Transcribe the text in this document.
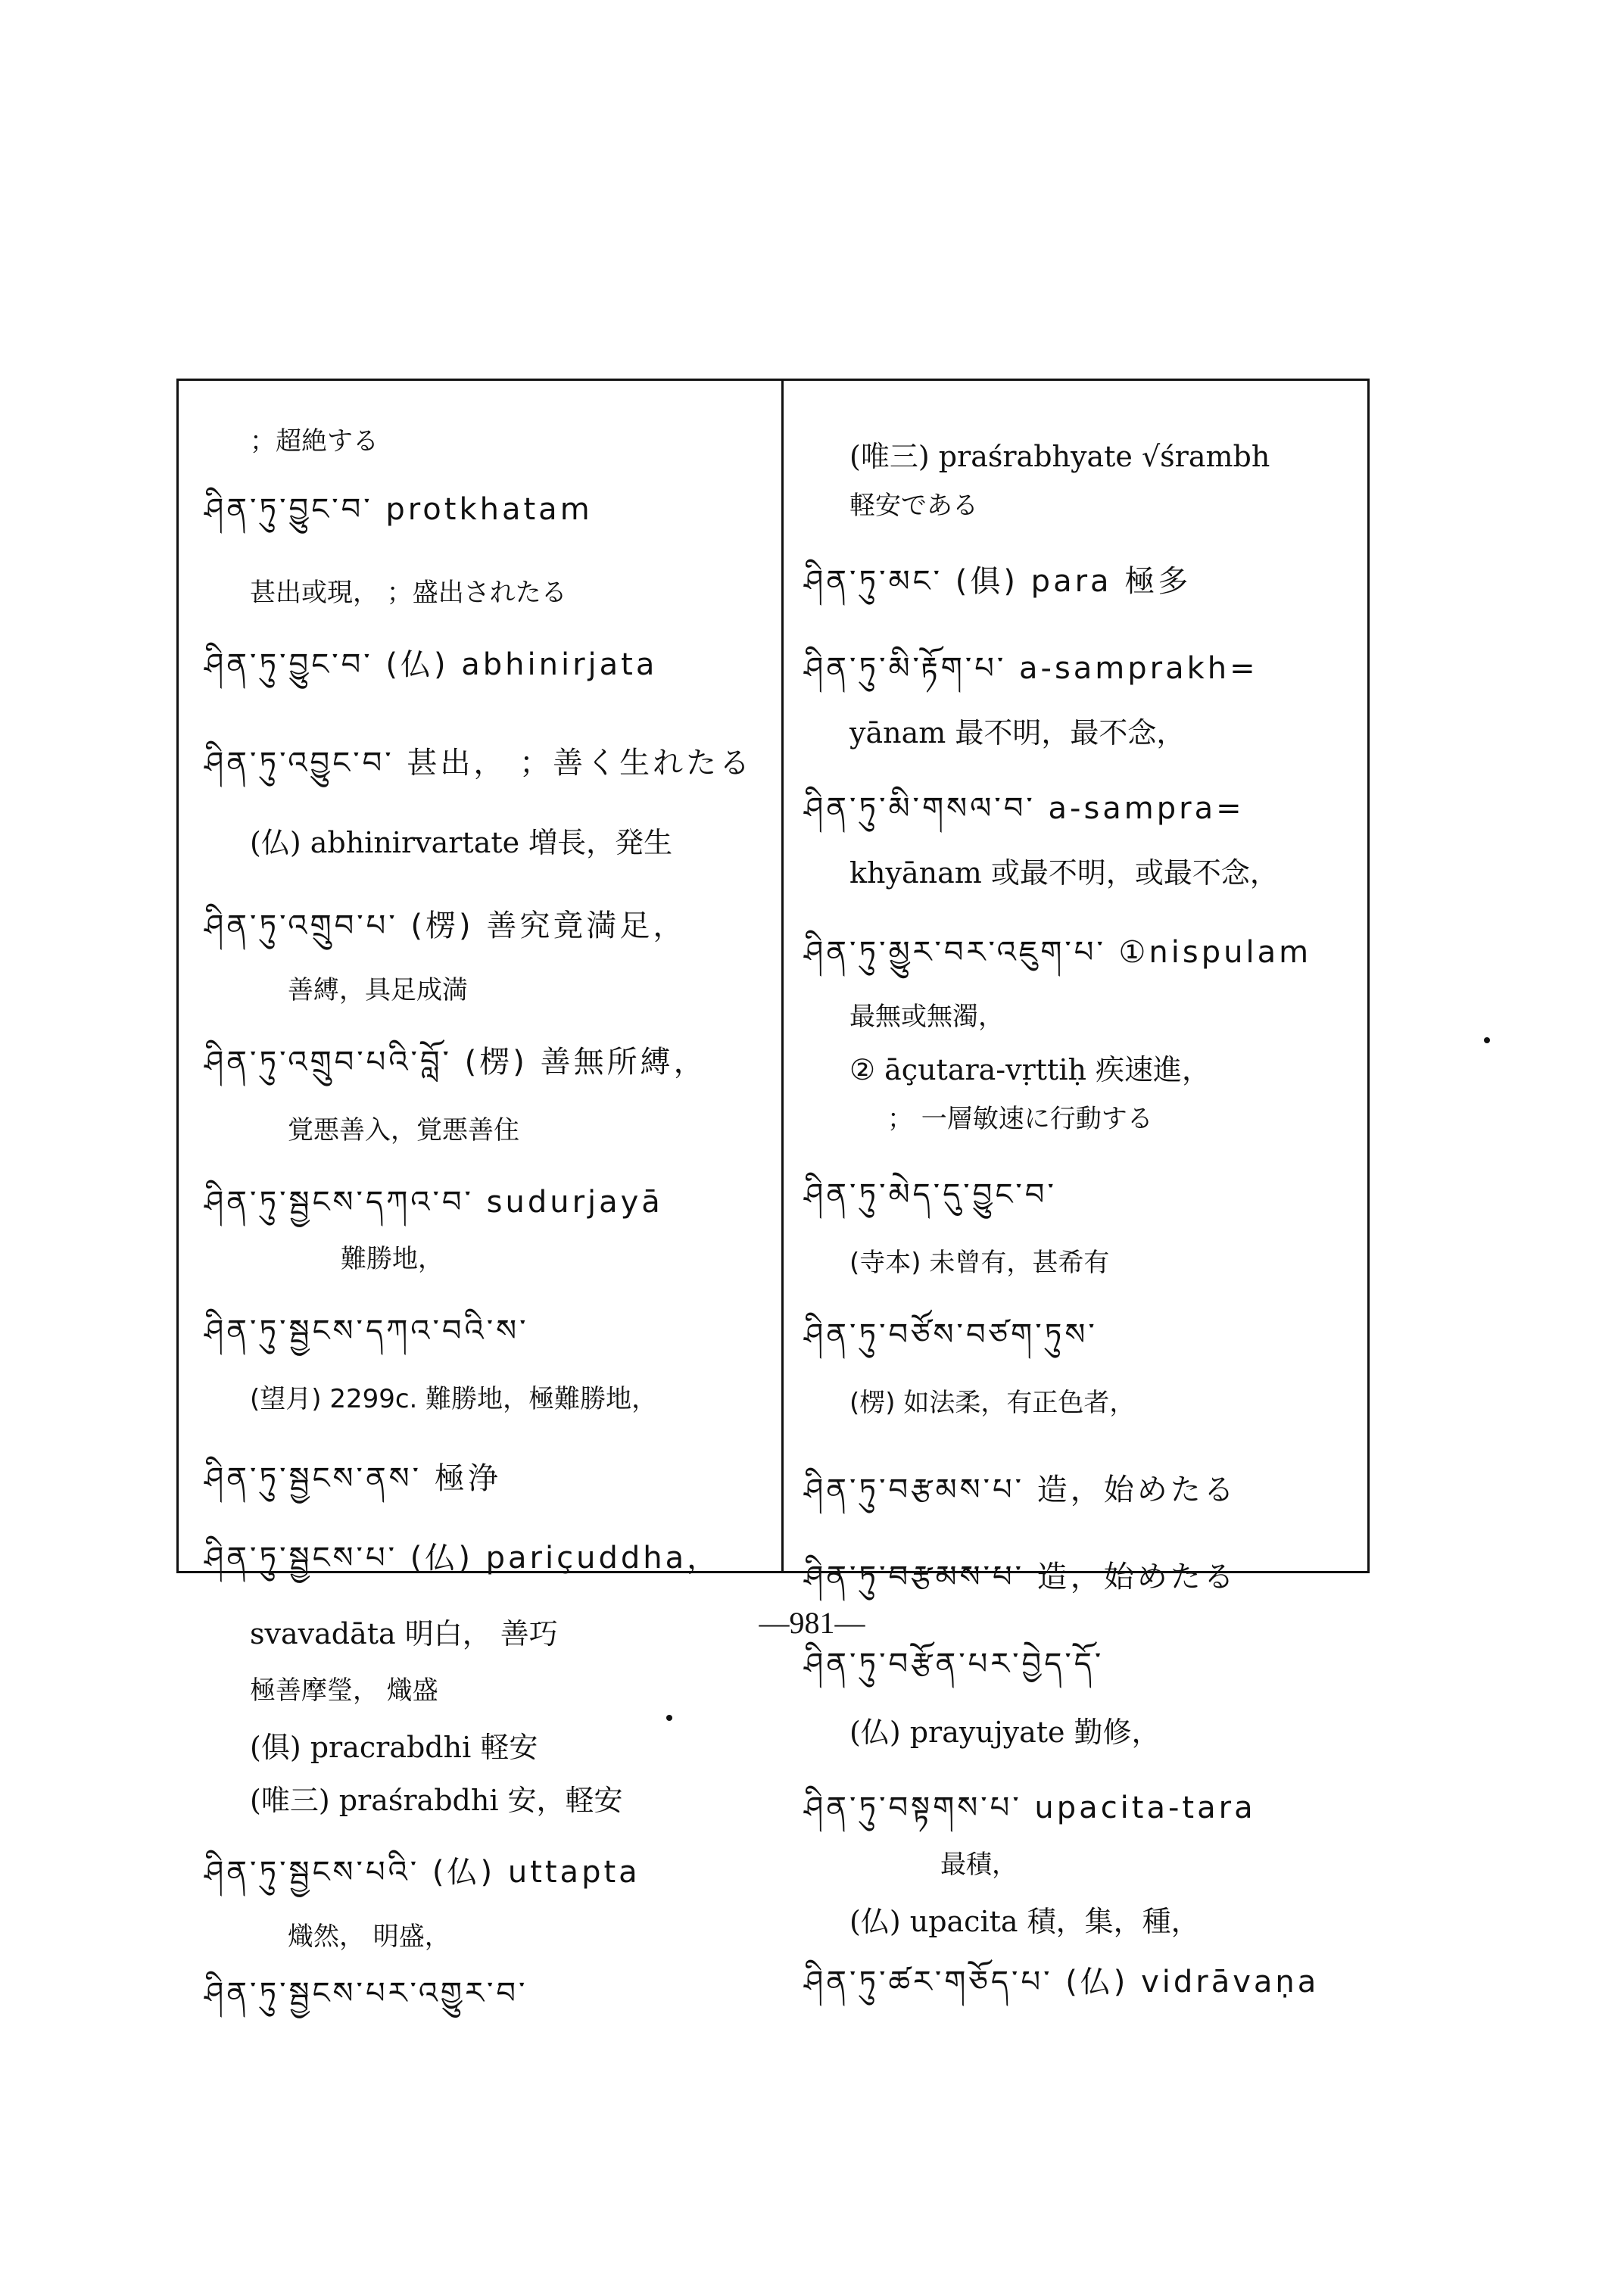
；超絶する
ཤིན་ཏུ་བྱུང་བ་ protkhatam
甚出或現， ；盛出されたる
ཤིན་ཏུ་བྱུང་བ་ (仏) abhinirjata
ཤིན་ཏུ་འབྱུང་བ་ 甚出， ；善く生れたる
(仏) abhinirvartate 増長，発生
ཤིན་ཏུ་འགྲུབ་པ་ (楞) 善究竟満足，
善縛，具足成満
ཤིན་ཏུ་འགྲུབ་པའི་བློ་ (楞) 善無所縛，
覚悪善入，覚悪善住
ཤིན་ཏུ་སྦྱངས་དཀའ་བ་ sudurjayā
難勝地，
ཤིན་ཏུ་སྦྱངས་དཀའ་བའི་ས་
(望月) 2299c. 難勝地，極難勝地，
ཤིན་ཏུ་སྦྱངས་ནས་ 極浄
ཤིན་ཏུ་སྦྱངས་པ་ (仏) pariçuddha，
svavadāta 明白， 善巧
極善摩瑩， 熾盛
(俱) pracrabdhi 軽安
(唯三) praśrabdhi 安，軽安
ཤིན་ཏུ་སྦྱངས་པའི་ (仏) uttapta
熾然， 明盛，
ཤིན་ཏུ་སྦྱངས་པར་འགྱུར་བ་
(唯三) praśrabhyate √śrambh
軽安である
ཤིན་ཏུ་མང་ (俱) para 極多
ཤིན་ཏུ་མི་རྟོག་པ་ a-samprakh=
yānam 最不明，最不念，
ཤིན་ཏུ་མི་གསལ་བ་ a-sampra=
khyānam 或最不明，或最不念，
ཤིན་ཏུ་མྱུར་བར་འཇུག་པ་ ①nispulam
最無或無濁，
② āçutara-vṛttiḥ 疾速進，
； 一層敏速に行動する
ཤིན་ཏུ་མེད་དུ་བྱུང་བ་
(寺本) 未曾有，甚希有
ཤིན་ཏུ་བཙོས་བཙག་ཏུས་
(楞) 如法柔，有正色者，
ཤིན་ཏུ་བརྩམས་པ་ 造，始めたる
ཤིན་ཏུ་བརྩམས་པ་ 造，始めたる
ཤིན་ཏུ་བརྩོན་པར་བྱེད་དོ་
(仏) prayujyate 勤修，
ཤིན་ཏུ་བསྟགས་པ་ upacita-tara
最積，
(仏) upacita 積，集，種，
ཤིན་ཏུ་ཚར་གཅོད་པ་ (仏) vidrāvaṇa
—981—
